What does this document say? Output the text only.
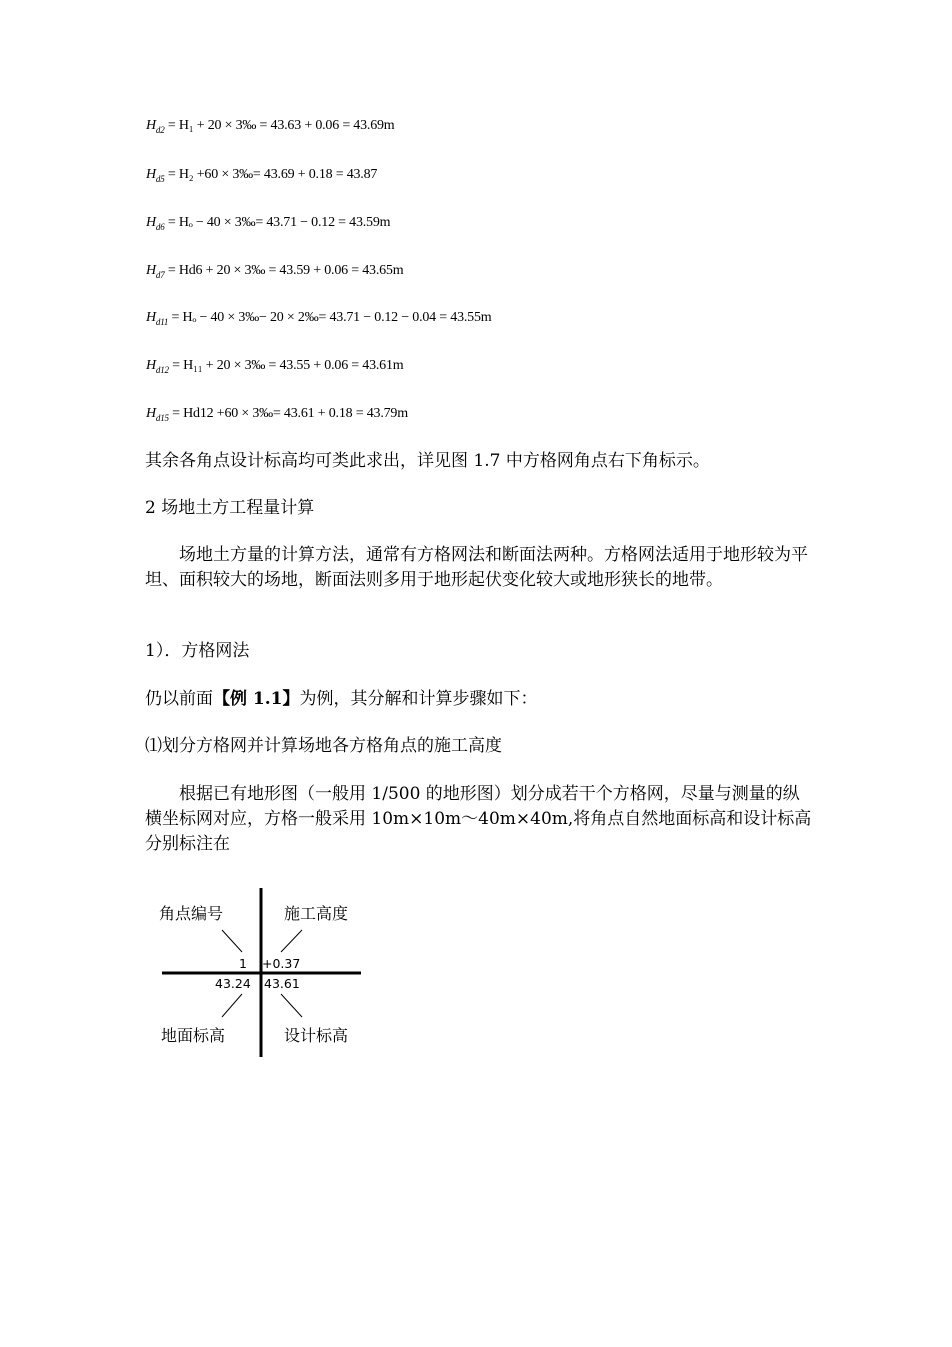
$H_{d2} = H_1 + 20$ × 3‰ = 43.63 + 0.06 = 43.69m
$H_{d5} = H_2 +60$ × 3‰= 43.69 + 0.18 = 43.87
$H_{d6} = H_o - 40$ × 3‰= 43.71 − 0.12 = 43.59m
$H_{d7} = Hd6 + 20$ × 3‰ = 43.59 + 0.06 = 43.65m
$H_{d11} = H_o - 40$ × 3‰− 20 × 2‰= 43.71 − 0.12 − 0.04 = 43.55m
$H_{d12} = H_{11} + 20$ × 3‰ = 43.55 + 0.06 = 43.61m
$H_{d15} = Hd12 +60$ × 3‰= 43.61 + 0.18 = 43.79m
其余各角点设计标高均可类此求出，详见图 1.7 中方格网角点右下角标示。
2 场地土方工程量计算
场地土方量的计算方法，通常有方格网法和断面法两种。方格网法适用于地形较为平坦、面积较大的场地，断面法则多用于地形起伏变化较大或地形狭长的地带。
1）．方格网法
仍以前面【例 1.1】为例，其分解和计算步骤如下：
⑴划分方格网并计算场地各方格角点的施工高度
根据已有地形图（一般用 1/500 的地形图）划分成若干个方格网，尽量与测量的纵横坐标网对应，方格一般采用 10m×10m～40m×40m,将角点自然地面标高和设计标高分别标注在
角点编号	施工高度
地面标高	设计标高
1 +0.37
43.24 43.61
